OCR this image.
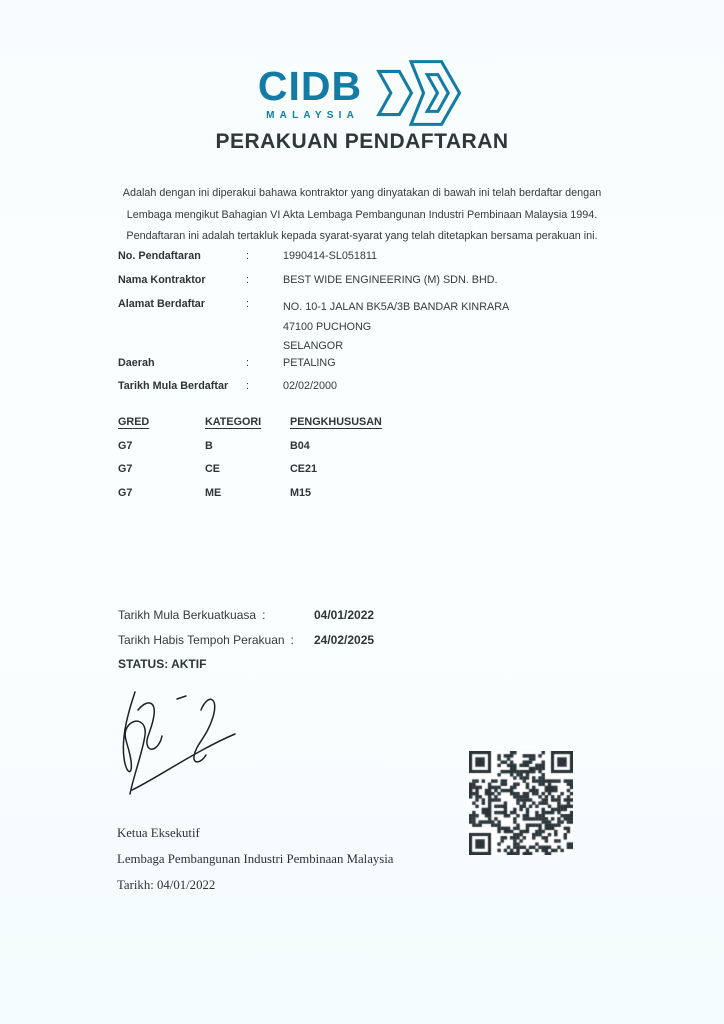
CIDB
MALAYSIA
PERAKUAN PENDAFTARAN
Adalah dengan ini diperakui bahawa kontraktor yang dinyatakan di bawah ini telah berdaftar dengan
Lembaga mengikut Bahagian VI Akta Lembaga Pembangunan Industri Pembinaan Malaysia 1994.
Pendaftaran ini adalah tertakluk kepada syarat-syarat yang telah ditetapkan bersama perakuan ini.
No. Pendaftaran	:	1990414-SL051811
Nama Kontraktor	:	BEST WIDE ENGINEERING (M) SDN. BHD.
Alamat Berdaftar	:	NO. 10-1 JALAN BK5A/3B BANDAR KINRARA
47100 PUCHONG
SELANGOR
Daerah	:	PETALING
Tarikh Mula Berdaftar :	02/02/2000
GRED	KATEGORI	PENGKHUSUSAN
G7	B	B04
G7	CE	CE21
G7	ME	M15
Tarikh Mula Berkuatkuasa :	04/01/2022
Tarikh Habis Tempoh Perakuan : 24/02/2025
STATUS: AKTIF
Ketua Eksekutif
Lembaga Pembangunan Industri Pembinaan Malaysia
Tarikh: 04/01/2022
